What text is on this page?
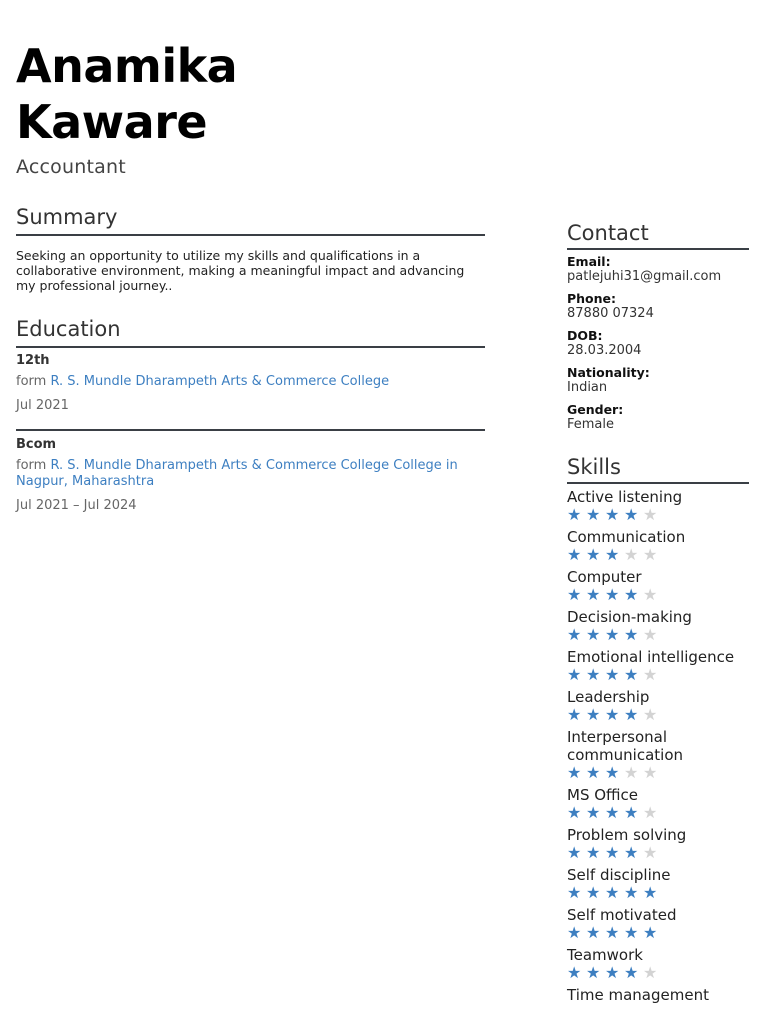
Anamika
Kaware
Accountant
Summary
Seeking an opportunity to utilize my skills and qualifications in a collaborative environment, making a meaningful impact and advancing my professional journey..
Education
12th
form R. S. Mundle Dharampeth Arts & Commerce College
Jul 2021
Bcom
form R. S. Mundle Dharampeth Arts & Commerce College College in Nagpur, Maharashtra
Jul 2021 – Jul 2024
Contact
Email:
patlejuhi31@gmail.com
Phone:
87880 07324
DOB:
28.03.2004
Nationality:
Indian
Gender:
Female
Skills
Active listening
★ ★ ★ ★ ★
Communication
★ ★ ★ ★ ★
Computer
★ ★ ★ ★ ★
Decision-making
★ ★ ★ ★ ★
Emotional intelligence
★ ★ ★ ★ ★
Leadership
★ ★ ★ ★ ★
Interpersonal communication
★ ★ ★ ★ ★
MS Office
★ ★ ★ ★ ★
Problem solving
★ ★ ★ ★ ★
Self discipline
★ ★ ★ ★ ★
Self motivated
★ ★ ★ ★ ★
Teamwork
★ ★ ★ ★ ★
Time management
